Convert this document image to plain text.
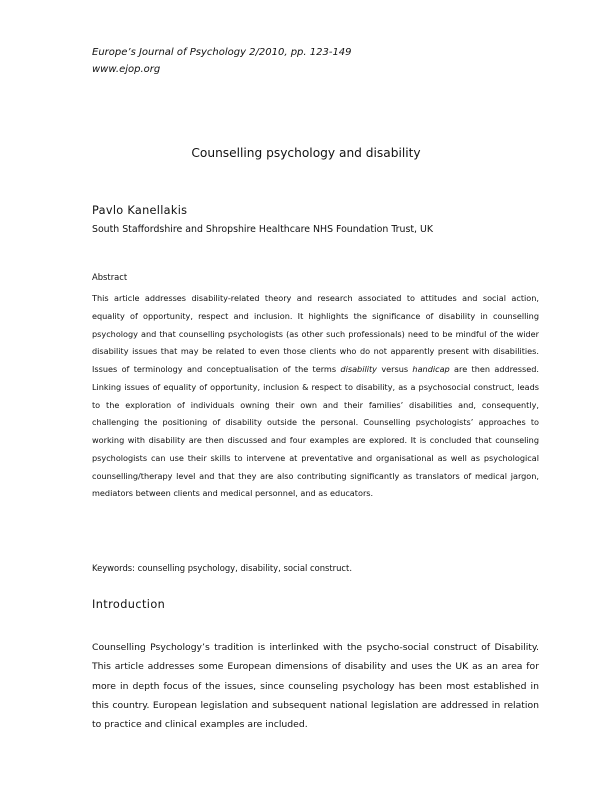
Europe’s Journal of Psychology 2/2010, pp. 123-149
www.ejop.org
Counselling psychology and disability
Pavlo Kanellakis
South Staffordshire and Shropshire Healthcare NHS Foundation Trust, UK
Abstract

This article addresses disability-related theory and research associated to attitudes and social action, equality of opportunity, respect and inclusion. It highlights the significance of disability in counselling psychology and that counselling psychologists (as other such professionals) need to be mindful of the wider disability issues that may be related to even those clients who do not apparently present with disabilities. Issues of terminology and conceptualisation of the terms disability versus handicap are then addressed. Linking issues of equality of opportunity, inclusion & respect to disability, as a psychosocial construct, leads to the exploration of individuals owning their own and their families’ disabilities and, consequently, challenging the positioning of disability outside the personal. Counselling psychologists’ approaches to working with disability are then discussed and four examples are explored. It is concluded that counseling psychologists can use their skills to intervene at preventative and organisational as well as psychological counselling/therapy level and that they are also contributing significantly as translators of medical jargon, mediators between clients and medical personnel, and as educators.

Keywords: counselling psychology, disability, social construct.
Introduction

Counselling Psychology’s tradition is interlinked with the psycho-social construct of Disability. This article addresses some European dimensions of disability and uses the UK as an area for more in depth focus of the issues, since counseling psychology has been most established in this country. European legislation and subsequent national legislation are addressed in relation to practice and clinical examples are included.
